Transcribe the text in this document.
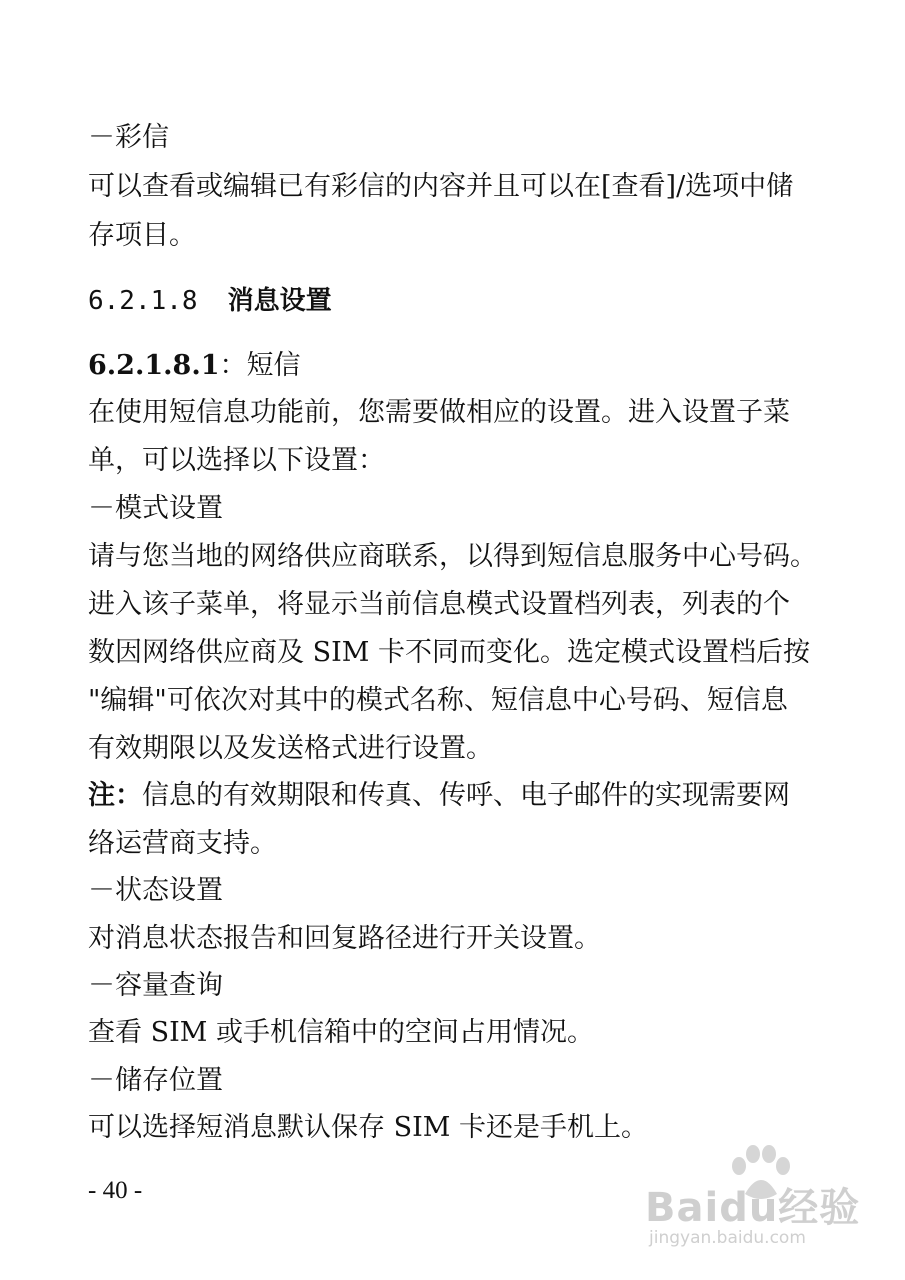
－彩信
可以查看或编辑已有彩信的内容并且可以在[查看]/选项中储
存项目。
6.2.1.8 消息设置
6.2.1.8.1：短信
在使用短信息功能前，您需要做相应的设置。进入设置子菜
单，可以选择以下设置：
－模式设置
请与您当地的网络供应商联系，以得到短信息服务中心号码。
进入该子菜单，将显示当前信息模式设置档列表，列表的个
数因网络供应商及 SIM 卡不同而变化。选定模式设置档后按
"编辑"可依次对其中的模式名称、短信息中心号码、短信息
有效期限以及发送格式进行设置。
注：信息的有效期限和传真、传呼、电子邮件的实现需要网
络运营商支持。
－状态设置
对消息状态报告和回复路径进行开关设置。
－容量查询
查看 SIM 或手机信箱中的空间占用情况。
－储存位置
可以选择短消息默认保存 SIM 卡还是手机上。
- 40 -	Baidu经验
jingyan.baidu.com
